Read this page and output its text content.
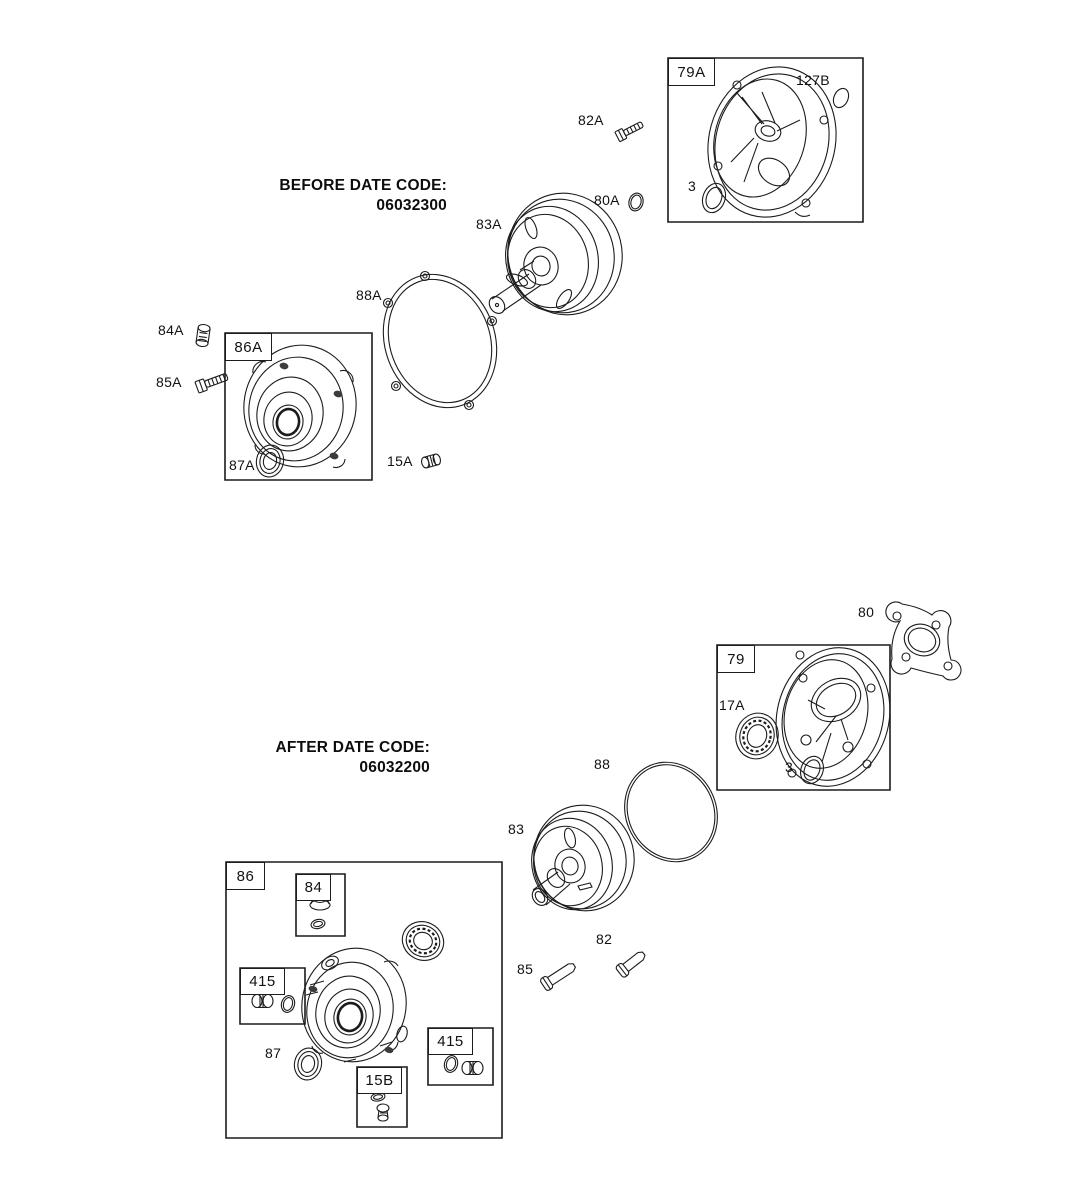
BEFORE DATE CODE:
06032300
AFTER DATE CODE:
06032200
79A	127B
82A
3
80A
83A
88A
84A
85A
86A
87A	15A
80
79
17A
88	3
83
86
84
82
85
415
415
87
15B
